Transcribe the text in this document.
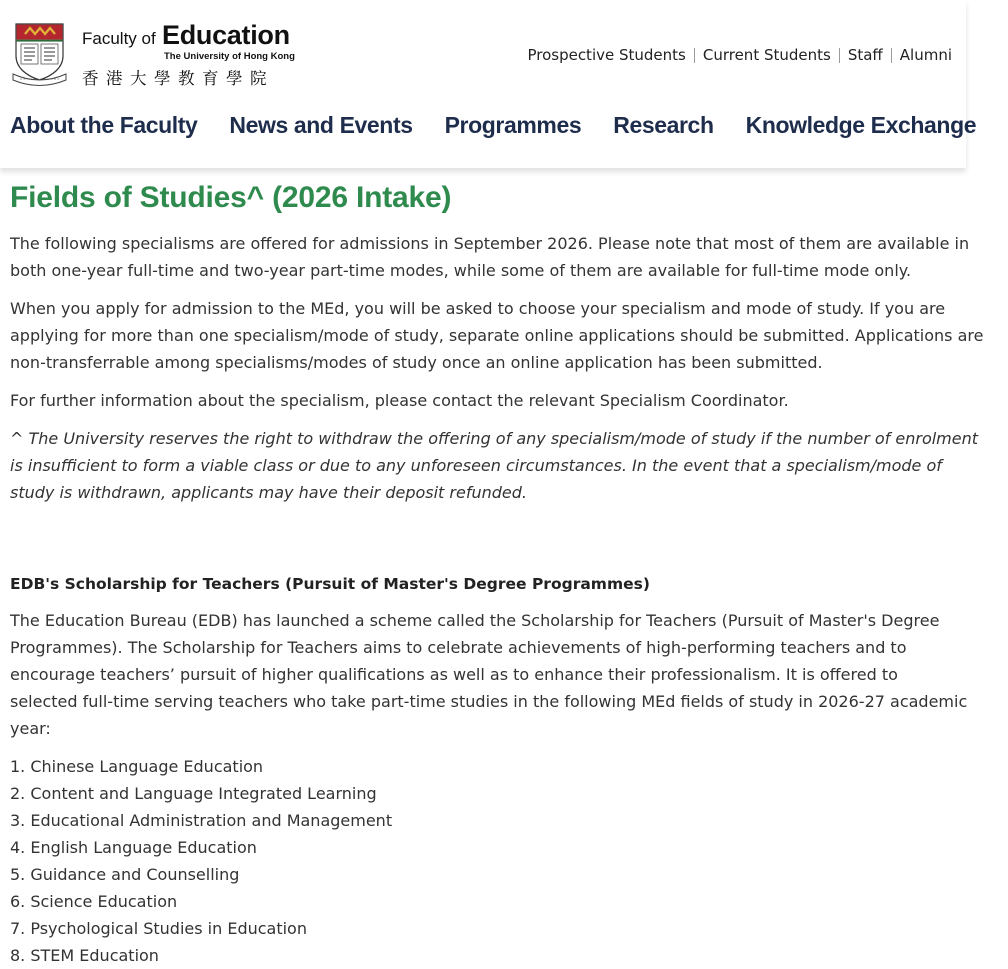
Faculty of Education
The University of Hong Kong
香港大學教育學院
Prospective Students	Current Students	Staff	Alumni
About the Faculty News and Events Programmes Research Knowledge Exchange
Fields of Studies^ (2026 Intake)

The following specialisms are offered for admissions in September 2026. Please note that most of them are available in both one-year full-time and two-year part-time modes, while some of them are available for full-time mode only.

When you apply for admission to the MEd, you will be asked to choose your specialism and mode of study. If you are applying for more than one specialism/mode of study, separate online applications should be submitted. Applications are non-transferrable among specialisms/modes of study once an online application has been submitted.

For further information about the specialism, please contact the relevant Specialism Coordinator.

^ The University reserves the right to withdraw the offering of any specialism/mode of study if the number of enrolment is insufficient to form a viable class or due to any unforeseen circumstances. In the event that a specialism/mode of study is withdrawn, applicants may have their deposit refunded.

EDB's Scholarship for Teachers (Pursuit of Master's Degree Programmes)

The Education Bureau (EDB) has launched a scheme called the Scholarship for Teachers (Pursuit of Master's Degree Programmes). The Scholarship for Teachers aims to celebrate achievements of high-performing teachers and to encourage teachers’ pursuit of higher qualifications as well as to enhance their professionalism. It is offered to selected full-time serving teachers who take part-time studies in the following MEd fields of study in 2026-27 academic year:

1. Chinese Language Education
2. Content and Language Integrated Learning
3. Educational Administration and Management
4. English Language Education
5. Guidance and Counselling
6. Science Education
7. Psychological Studies in Education
8. STEM Education
